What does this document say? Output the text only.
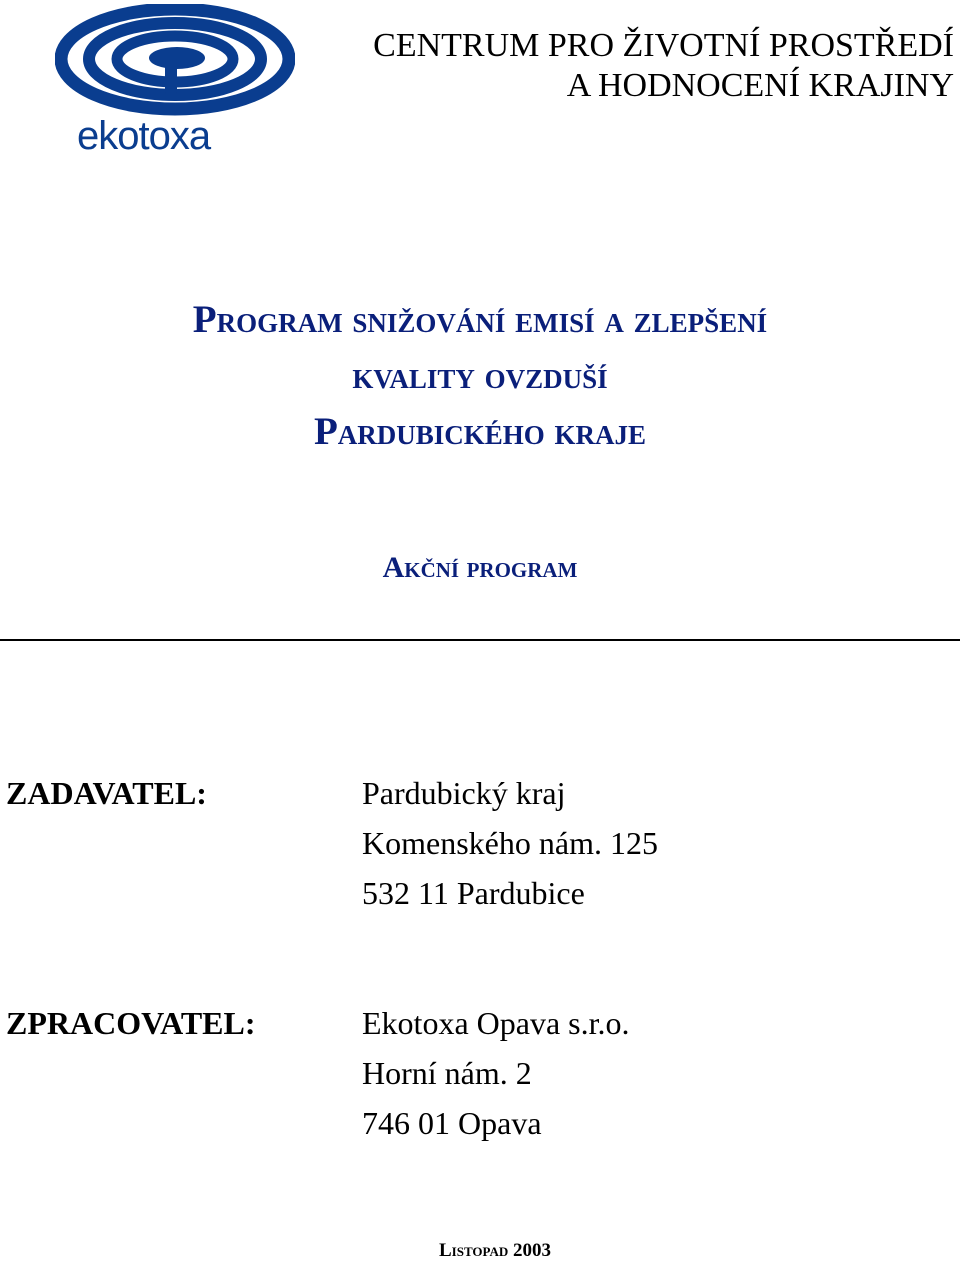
ekotoxa
CENTRUM PRO ŽIVOTNÍ PROSTŘEDÍ
A HODNOCENÍ KRAJINY
Program snižování emisí a zlepšení
kvality ovzduší
Pardubického kraje
Akční program
ZADAVATEL:	Pardubický kraj
Komenského nám. 125
532 11 Pardubice
ZPRACOVATEL:	Ekotoxa Opava s.r.o.
Horní nám. 2
746 01 Opava
Listopad 2003
